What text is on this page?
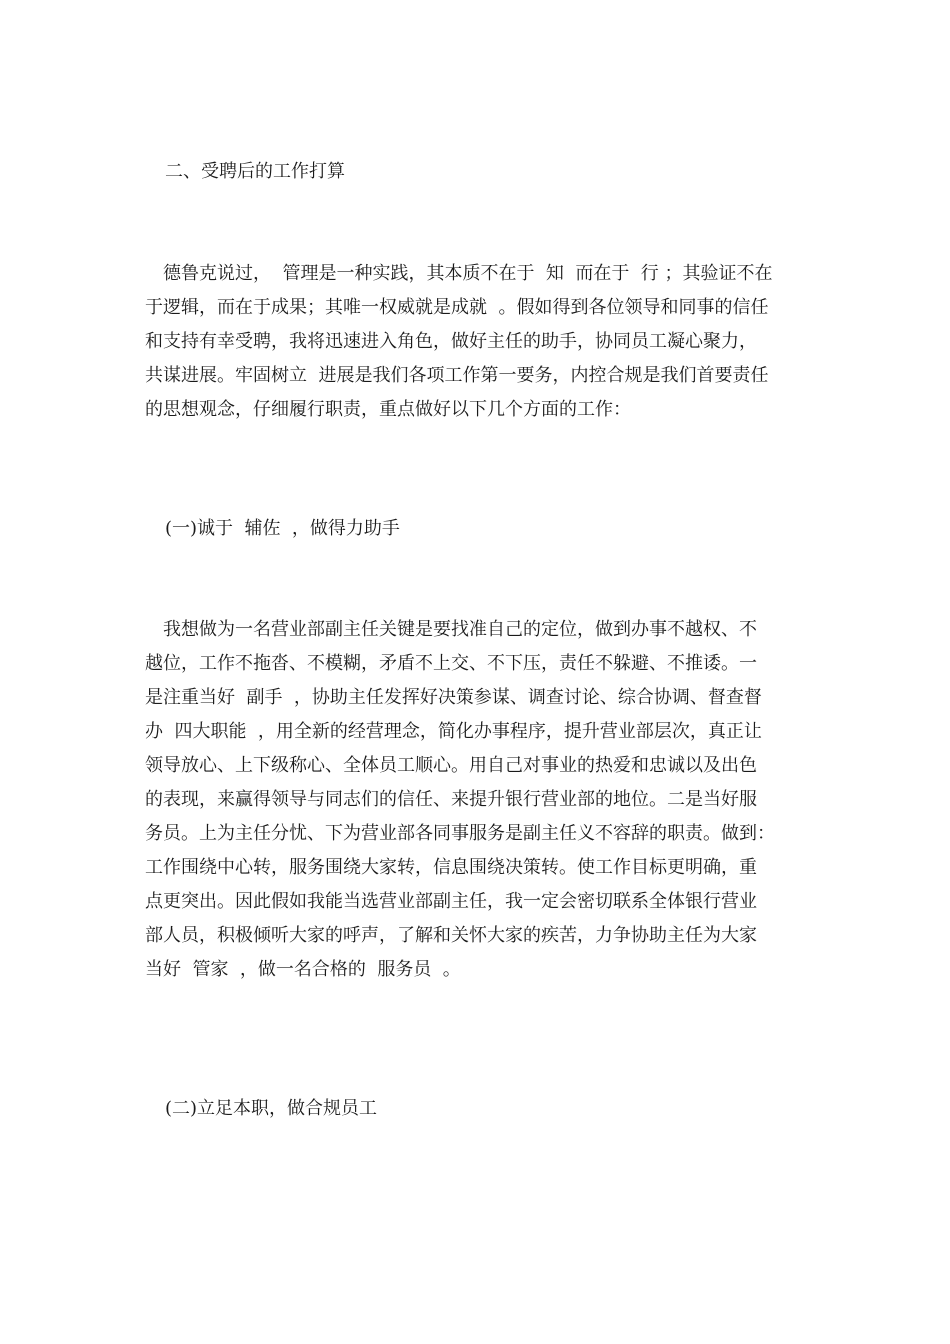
二、受聘后的工作打算
　德鲁克说过，  管理是一种实践，其本质不在于  知  而在于  行 ；其验证不在
于逻辑，而在于成果；其唯一权威就是成就  。假如得到各位领导和同事的信任
和支持有幸受聘，我将迅速进入角色，做好主任的助手，协同员工凝心聚力，
共谋进展。牢固树立  进展是我们各项工作第一要务，内控合规是我们首要责任
的思想观念，仔细履行职责，重点做好以下几个方面的工作：
(一)诚于  辅佐  ，做得力助手
　我想做为一名营业部副主任关键是要找准自己的定位，做到办事不越权、不
越位，工作不拖沓、不模糊，矛盾不上交、不下压，责任不躲避、不推诿。一
是注重当好  副手  ，协助主任发挥好决策参谋、调查讨论、综合协调、督查督
办  四大职能  ，用全新的经营理念，简化办事程序，提升营业部层次，真正让
领导放心、上下级称心、全体员工顺心。用自己对事业的热爱和忠诚以及出色
的表现，来赢得领导与同志们的信任、来提升银行营业部的地位。二是当好服
务员。上为主任分忧、下为营业部各同事服务是副主任义不容辞的职责。做到：
工作围绕中心转，服务围绕大家转，信息围绕决策转。使工作目标更明确，重
点更突出。因此假如我能当选营业部副主任，我一定会密切联系全体银行营业
部人员，积极倾听大家的呼声，了解和关怀大家的疾苦，力争协助主任为大家
当好  管家  ，做一名合格的  服务员  。
(二)立足本职，做合规员工
